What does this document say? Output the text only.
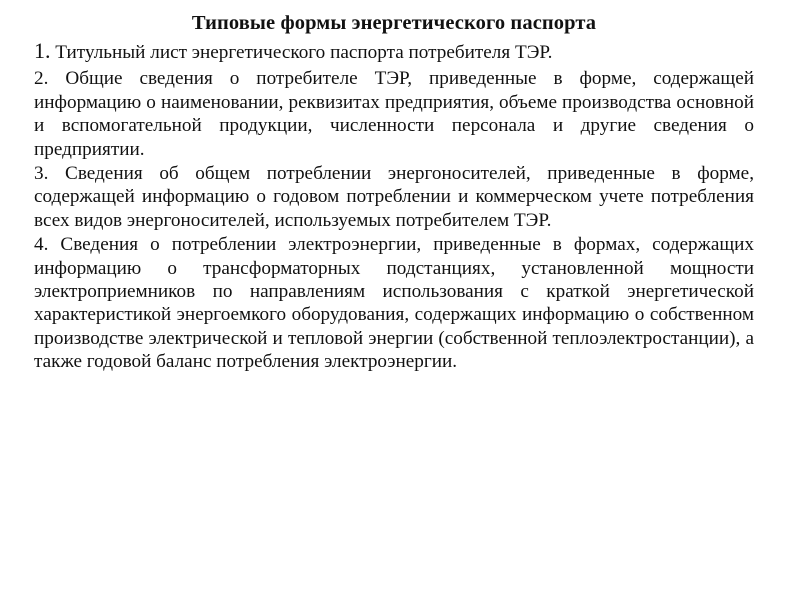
Типовые формы энергетического паспорта

1. Титульный лист энергетического паспорта потребителя ТЭР.

2. Общие сведения о потребителе ТЭР, приведенные в форме, содержащей информацию о наименовании, реквизитах предприятия, объеме производства основной и вспомогательной продукции, численности персонала и другие сведения о предприятии.

3. Сведения об общем потреблении энергоносителей, приведенные в форме, содержащей информацию о годовом потреблении и коммерческом учете потребления всех видов энергоносителей, используемых потребителем ТЭР.

4. Сведения о потреблении электроэнергии, приведенные в формах, содержащих информацию о трансформаторных подстанциях, установленной мощности электроприемников по направлениям использования с краткой энергетической характеристикой энергоемкого оборудования, содержащих информацию о собственном производстве электрической и тепловой энергии (собственной теплоэлектростанции), а также годовой баланс потребления электроэнергии.
